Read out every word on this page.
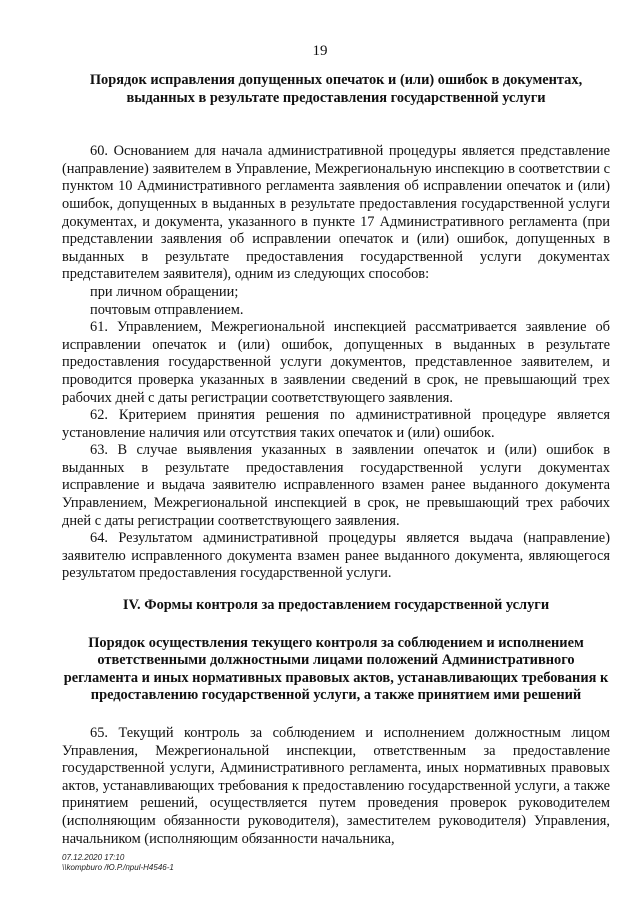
19

Порядок исправления допущенных опечаток и (или) ошибок в документах, выданных в результате предоставления государственной услуги

60. Основанием для начала административной процедуры является представление (направление) заявителем в Управление, Межрегиональную инспекцию в соответствии с пунктом 10 Административного регламента заявления об исправлении опечаток и (или) ошибок, допущенных в выданных в результате предоставления государственной услуги документах, и документа, указанного в пункте 17 Административного регламента (при представлении заявления об исправлении опечаток и (или) ошибок, допущенных в выданных в результате предоставления государственной услуги документах представителем заявителя), одним из следующих способов:

при личном обращении;

почтовым отправлением.

61. Управлением, Межрегиональной инспекцией рассматривается заявление об исправлении опечаток и (или) ошибок, допущенных в выданных в результате предоставления государственной услуги документов, представленное заявителем, и проводится проверка указанных в заявлении сведений в срок, не превышающий трех рабочих дней с даты регистрации соответствующего заявления.

62. Критерием принятия решения по административной процедуре является установление наличия или отсутствия таких опечаток и (или) ошибок.

63. В случае выявления указанных в заявлении опечаток и (или) ошибок в выданных в результате предоставления государственной услуги документах исправление и выдача заявителю исправленного взамен ранее выданного документа Управлением, Межрегиональной инспекцией в срок, не превышающий трех рабочих дней с даты регистрации соответствующего заявления.

64. Результатом административной процедуры является выдача (направление) заявителю исправленного документа взамен ранее выданного документа, являющегося результатом предоставления государственной услуги.

IV. Формы контроля за предоставлением государственной услуги

Порядок осуществления текущего контроля за соблюдением и исполнением ответственными должностными лицами положений Административного регламента и иных нормативных правовых актов, устанавливающих требования к предоставлению государственной услуги, а также принятием ими решений

65. Текущий контроль за соблюдением и исполнением должностным лицом Управления, Межрегиональной инспекции, ответственным за предоставление государственной услуги, Административного регламента, иных нормативных правовых актов, устанавливающих требования к предоставлению государственной услуги, а также принятием решений, осуществляется путем проведения проверок руководителем (исполняющим обязанности руководителя), заместителем руководителя) Управления, начальником (исполняющим обязанности начальника,

07.12.2020 17:10
\\kompburo /Ю.Р./приl-Н4546-1
